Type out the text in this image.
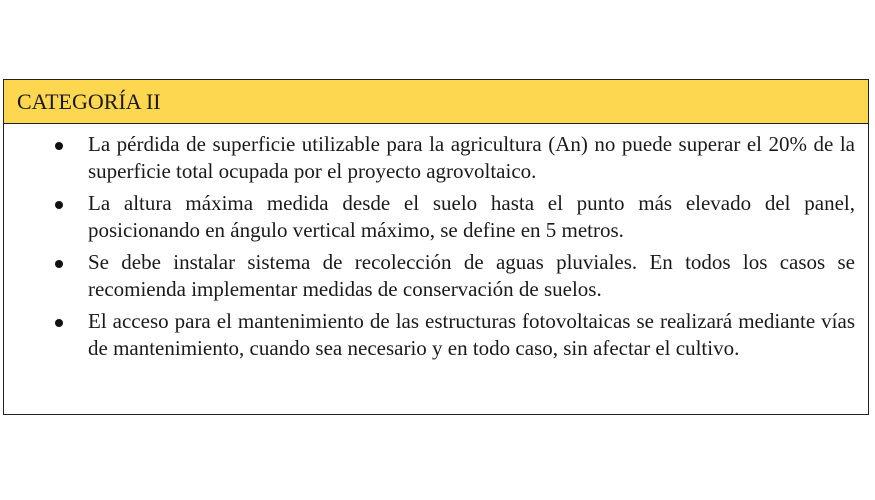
CATEGORÍA II
La pérdida de superficie utilizable para la agricultura (An) no puede superar el 20% de la superficie total ocupada por el proyecto agrovoltaico.
La altura máxima medida desde el suelo hasta el punto más elevado del panel, posicionando en ángulo vertical máximo, se define en 5 metros.
Se debe instalar sistema de recolección de aguas pluviales. En todos los casos se recomienda implementar medidas de conservación de suelos.
El acceso para el mantenimiento de las estructuras fotovoltaicas se realizará mediante vías de mantenimiento, cuando sea necesario y en todo caso, sin afectar el cultivo.
